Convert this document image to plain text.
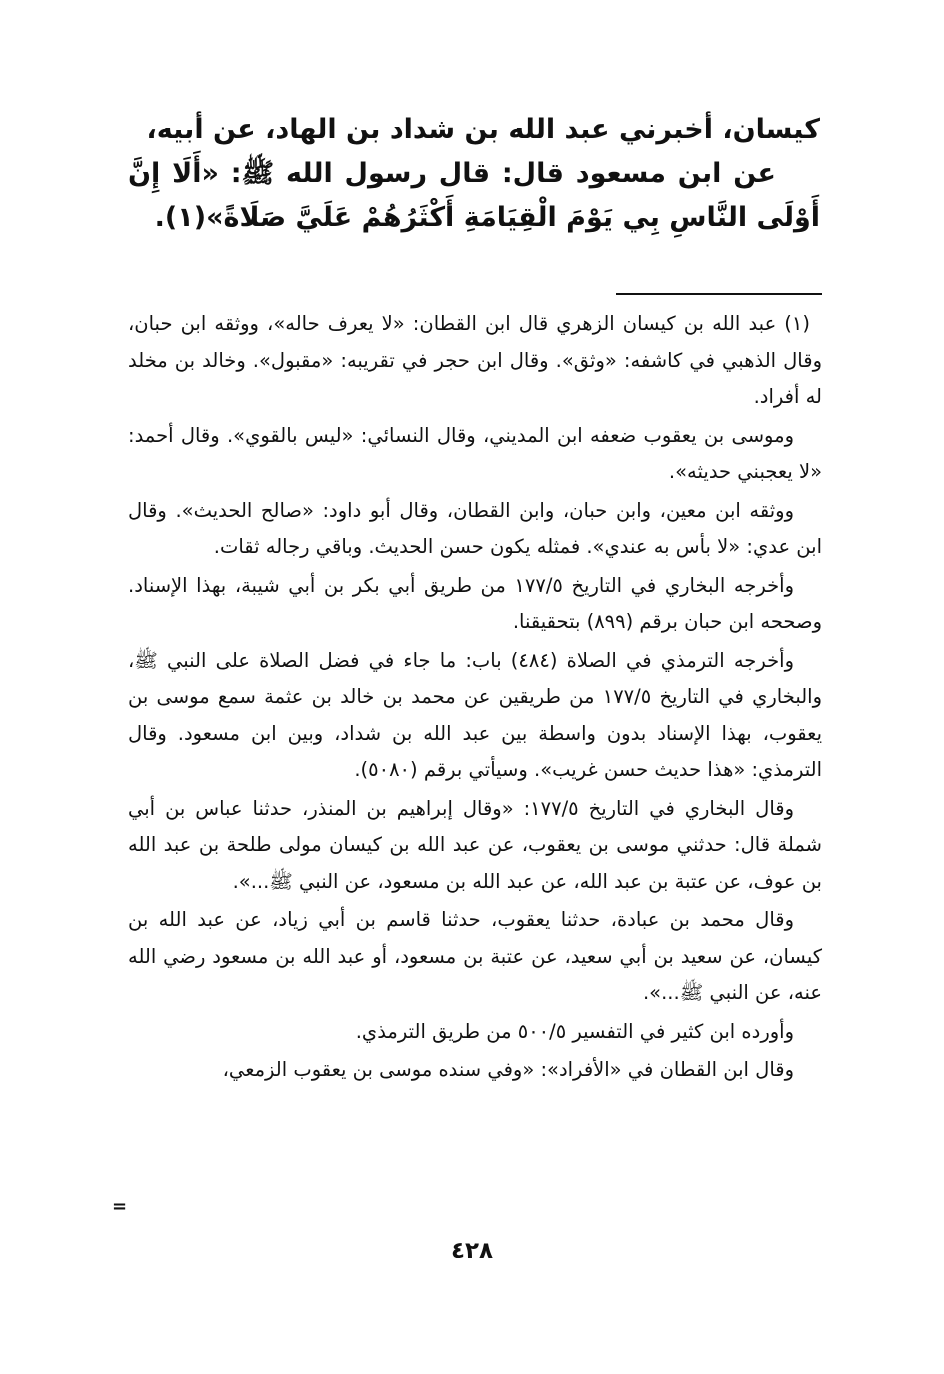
كيسان، أخبرني عبد الله بن شداد بن الهاد، عن أبيه،

عن ابن مسعود قال: قال رسول الله ﷺ: «أَلَا إِنَّ أَوْلَى النَّاسِ بِي يَوْمَ الْقِيَامَةِ أَكْثَرُهُمْ عَلَيَّ صَلَاةً»(١).

(١) عبد الله بن كيسان الزهري قال ابن القطان: «لا يعرف حاله»، ووثقه ابن حبان، وقال الذهبي في كاشفه: «وثق». وقال ابن حجر في تقريبه: «مقبول». وخالد بن مخلد له أفراد.

وموسى بن يعقوب ضعفه ابن المديني، وقال النسائي: «ليس بالقوي». وقال أحمد: «لا يعجبني حديثه».

ووثقه ابن معين، وابن حبان، وابن القطان، وقال أبو داود: «صالح الحديث». وقال ابن عدي: «لا بأس به عندي». فمثله يكون حسن الحديث. وباقي رجاله ثقات.

وأخرجه البخاري في التاريخ ١٧٧/٥ من طريق أبي بكر بن أبي شيبة، بهذا الإسناد. وصححه ابن حبان برقم (٨٩٩) بتحقيقنا.

وأخرجه الترمذي في الصلاة (٤٨٤) باب: ما جاء في فضل الصلاة على النبي ﷺ، والبخاري في التاريخ ١٧٧/٥ من طريقين عن محمد بن خالد بن عثمة سمع موسى بن يعقوب، بهذا الإسناد بدون واسطة بين عبد الله بن شداد، وبين ابن مسعود. وقال الترمذي: «هذا حديث حسن غريب». وسيأتي برقم (٥٠٨٠).

وقال البخاري في التاريخ ١٧٧/٥: «وقال إبراهيم بن المنذر، حدثنا عباس بن أبي شملة قال: حدثني موسى بن يعقوب، عن عبد الله بن كيسان مولى طلحة بن عبد الله بن عوف، عن عتبة بن عبد الله، عن عبد الله بن مسعود، عن النبي ﷺ...».

وقال محمد بن عبادة، حدثنا يعقوب، حدثنا قاسم بن أبي زياد، عن عبد الله بن كيسان، عن سعيد بن أبي سعيد، عن عتبة بن مسعود، أو عبد الله بن مسعود رضي الله عنه، عن النبي ﷺ...».

وأورده ابن كثير في التفسير ٥٠٠/٥ من طريق الترمذي.

وقال ابن القطان في «الأفراد»: «وفي سنده موسى بن يعقوب الزمعي،

=
٤٢٨
